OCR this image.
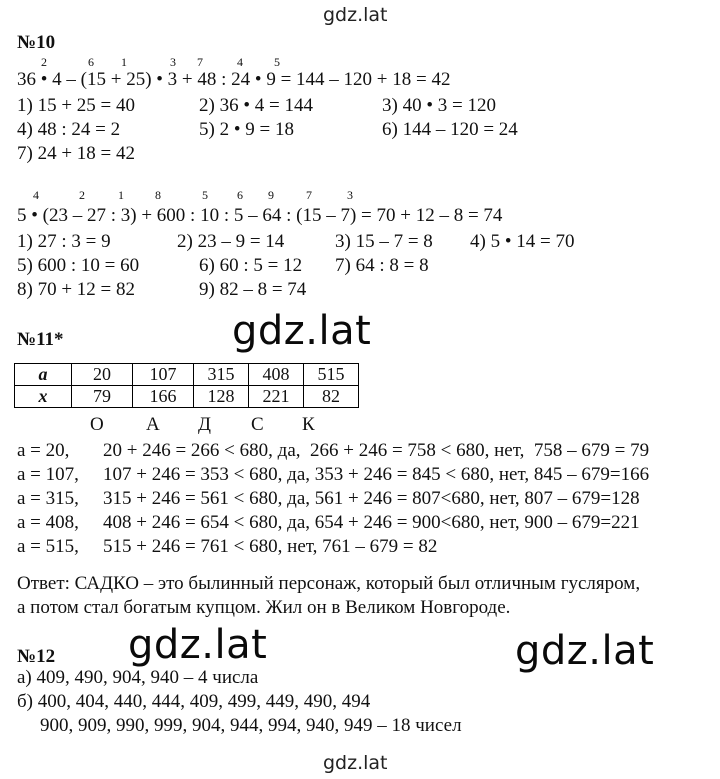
gdz.lat
gdz.lat
gdz.lat	gdz.lat
gdz.lat
№10
2	6 1	3 7	4	5
36 • 4 – (15 + 25) • 3 + 48 : 24 • 9 = 144 – 120 + 18 = 42
1) 15 + 25 = 40	2) 36 • 4 = 144	3) 40 • 3 = 120
4) 48 : 24 = 2	5) 2 • 9 = 18	6) 144 – 120 = 24
7) 24 + 18 = 42
4	2	1	8	5 6 9	7	3
5 • (23 – 27 : 3) + 600 : 10 : 5 – 64 : (15 – 7) = 70 + 12 – 8 = 74
1) 27 : 3 = 9	2) 23 – 9 = 14	3) 15 – 7 = 8 4) 5 • 14 = 70
5) 600 : 10 = 60	6) 60 : 5 = 12 7) 64 : 8 = 8
8) 70 + 12 = 82	9) 82 – 8 = 74
№11*
a	20	107	315	408	515
x	79	166	128	221	82
О А Д С К
a = 20, 20 + 246 = 266 < 680, да,  266 + 246 = 758 < 680, нет,  758 – 679 = 79
a = 107, 107 + 246 = 353 < 680, да, 353 + 246 = 845 < 680, нет, 845 – 679=166
a = 315, 315 + 246 = 561 < 680, да, 561 + 246 = 807<680, нет, 807 – 679=128
a = 408, 408 + 246 = 654 < 680, да, 654 + 246 = 900<680, нет, 900 – 679=221
a = 515, 515 + 246 = 761 < 680, нет, 761 – 679 = 82
Ответ: САДКО – это былинный персонаж, который был отличным гусляром,
а потом стал богатым купцом. Жил он в Великом Новгороде.
№12
а) 409, 490, 904, 940 – 4 числа
б) 400, 404, 440, 444, 409, 499, 449, 490, 494
900, 909, 990, 999, 904, 944, 994, 940, 949 – 18 чисел
